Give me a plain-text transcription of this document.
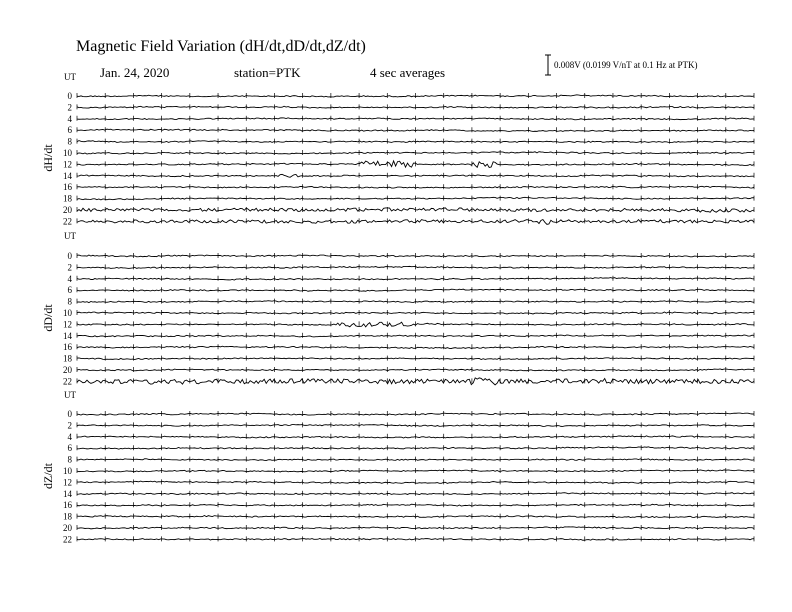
Magnetic Field Variation (dH/dt,dD/dt,dZ/dt)
Jan. 24, 2020	station=PTK	4 sec averages	0.008V (0.0199 V/nT at 0.1 Hz at PTK)
UT
dH/dt
0
2
4
6
8
10
12
14
16
18
20
22
UT
dD/dt
0
2
4
6
8
10
12
14
16
18
20
22
UT
dZ/dt
0
2
4
6
8
10
12
14
16
18
20
22
